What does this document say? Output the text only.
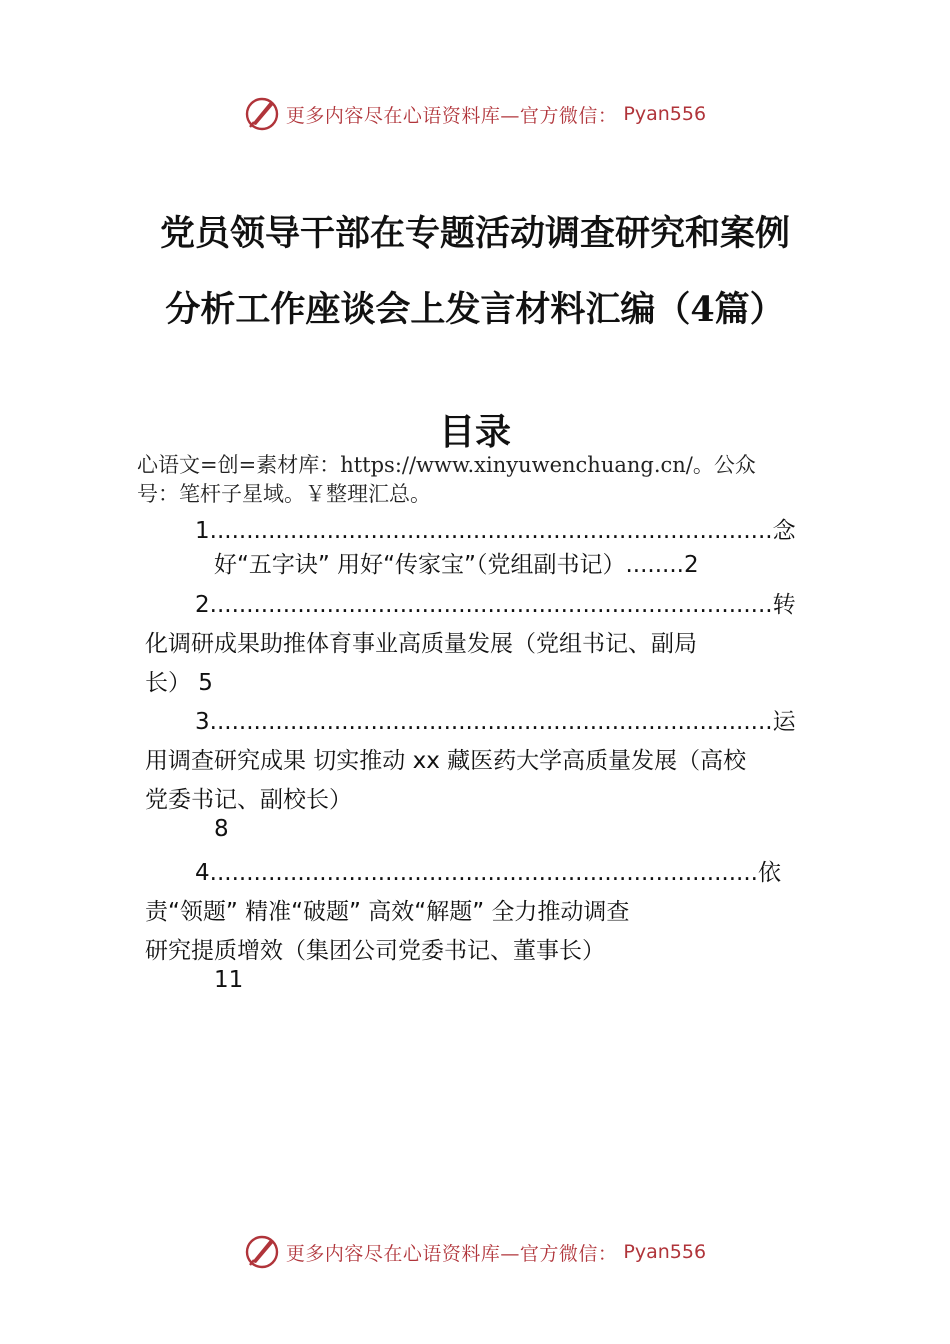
更多内容尽在心语资料库—官方微信： Pyan556
党员领导干部在专题活动调查研究和案例
分析工作座谈会上发言材料汇编（4篇）
目录
心语文=创=素材库：https://www.xinyuwenchuang.cn/。公众
号：笔杆子星域。￥整理汇总。
1.............................................................................念
好“五字诀” 用好“传家宝”（党组副书记）........2
2.............................................................................转
化调研成果助推体育事业高质量发展（党组书记、副局
长） 5
3.............................................................................运
用调查研究成果 切实推动 xx 藏医药大学高质量发展（高校
党委书记、副校长）
8
4...........................................................................依
责“领题” 精准“破题” 高效“解题” 全力推动调查
研究提质增效（集团公司党委书记、董事长）
11
更多内容尽在心语资料库—官方微信： Pyan556
